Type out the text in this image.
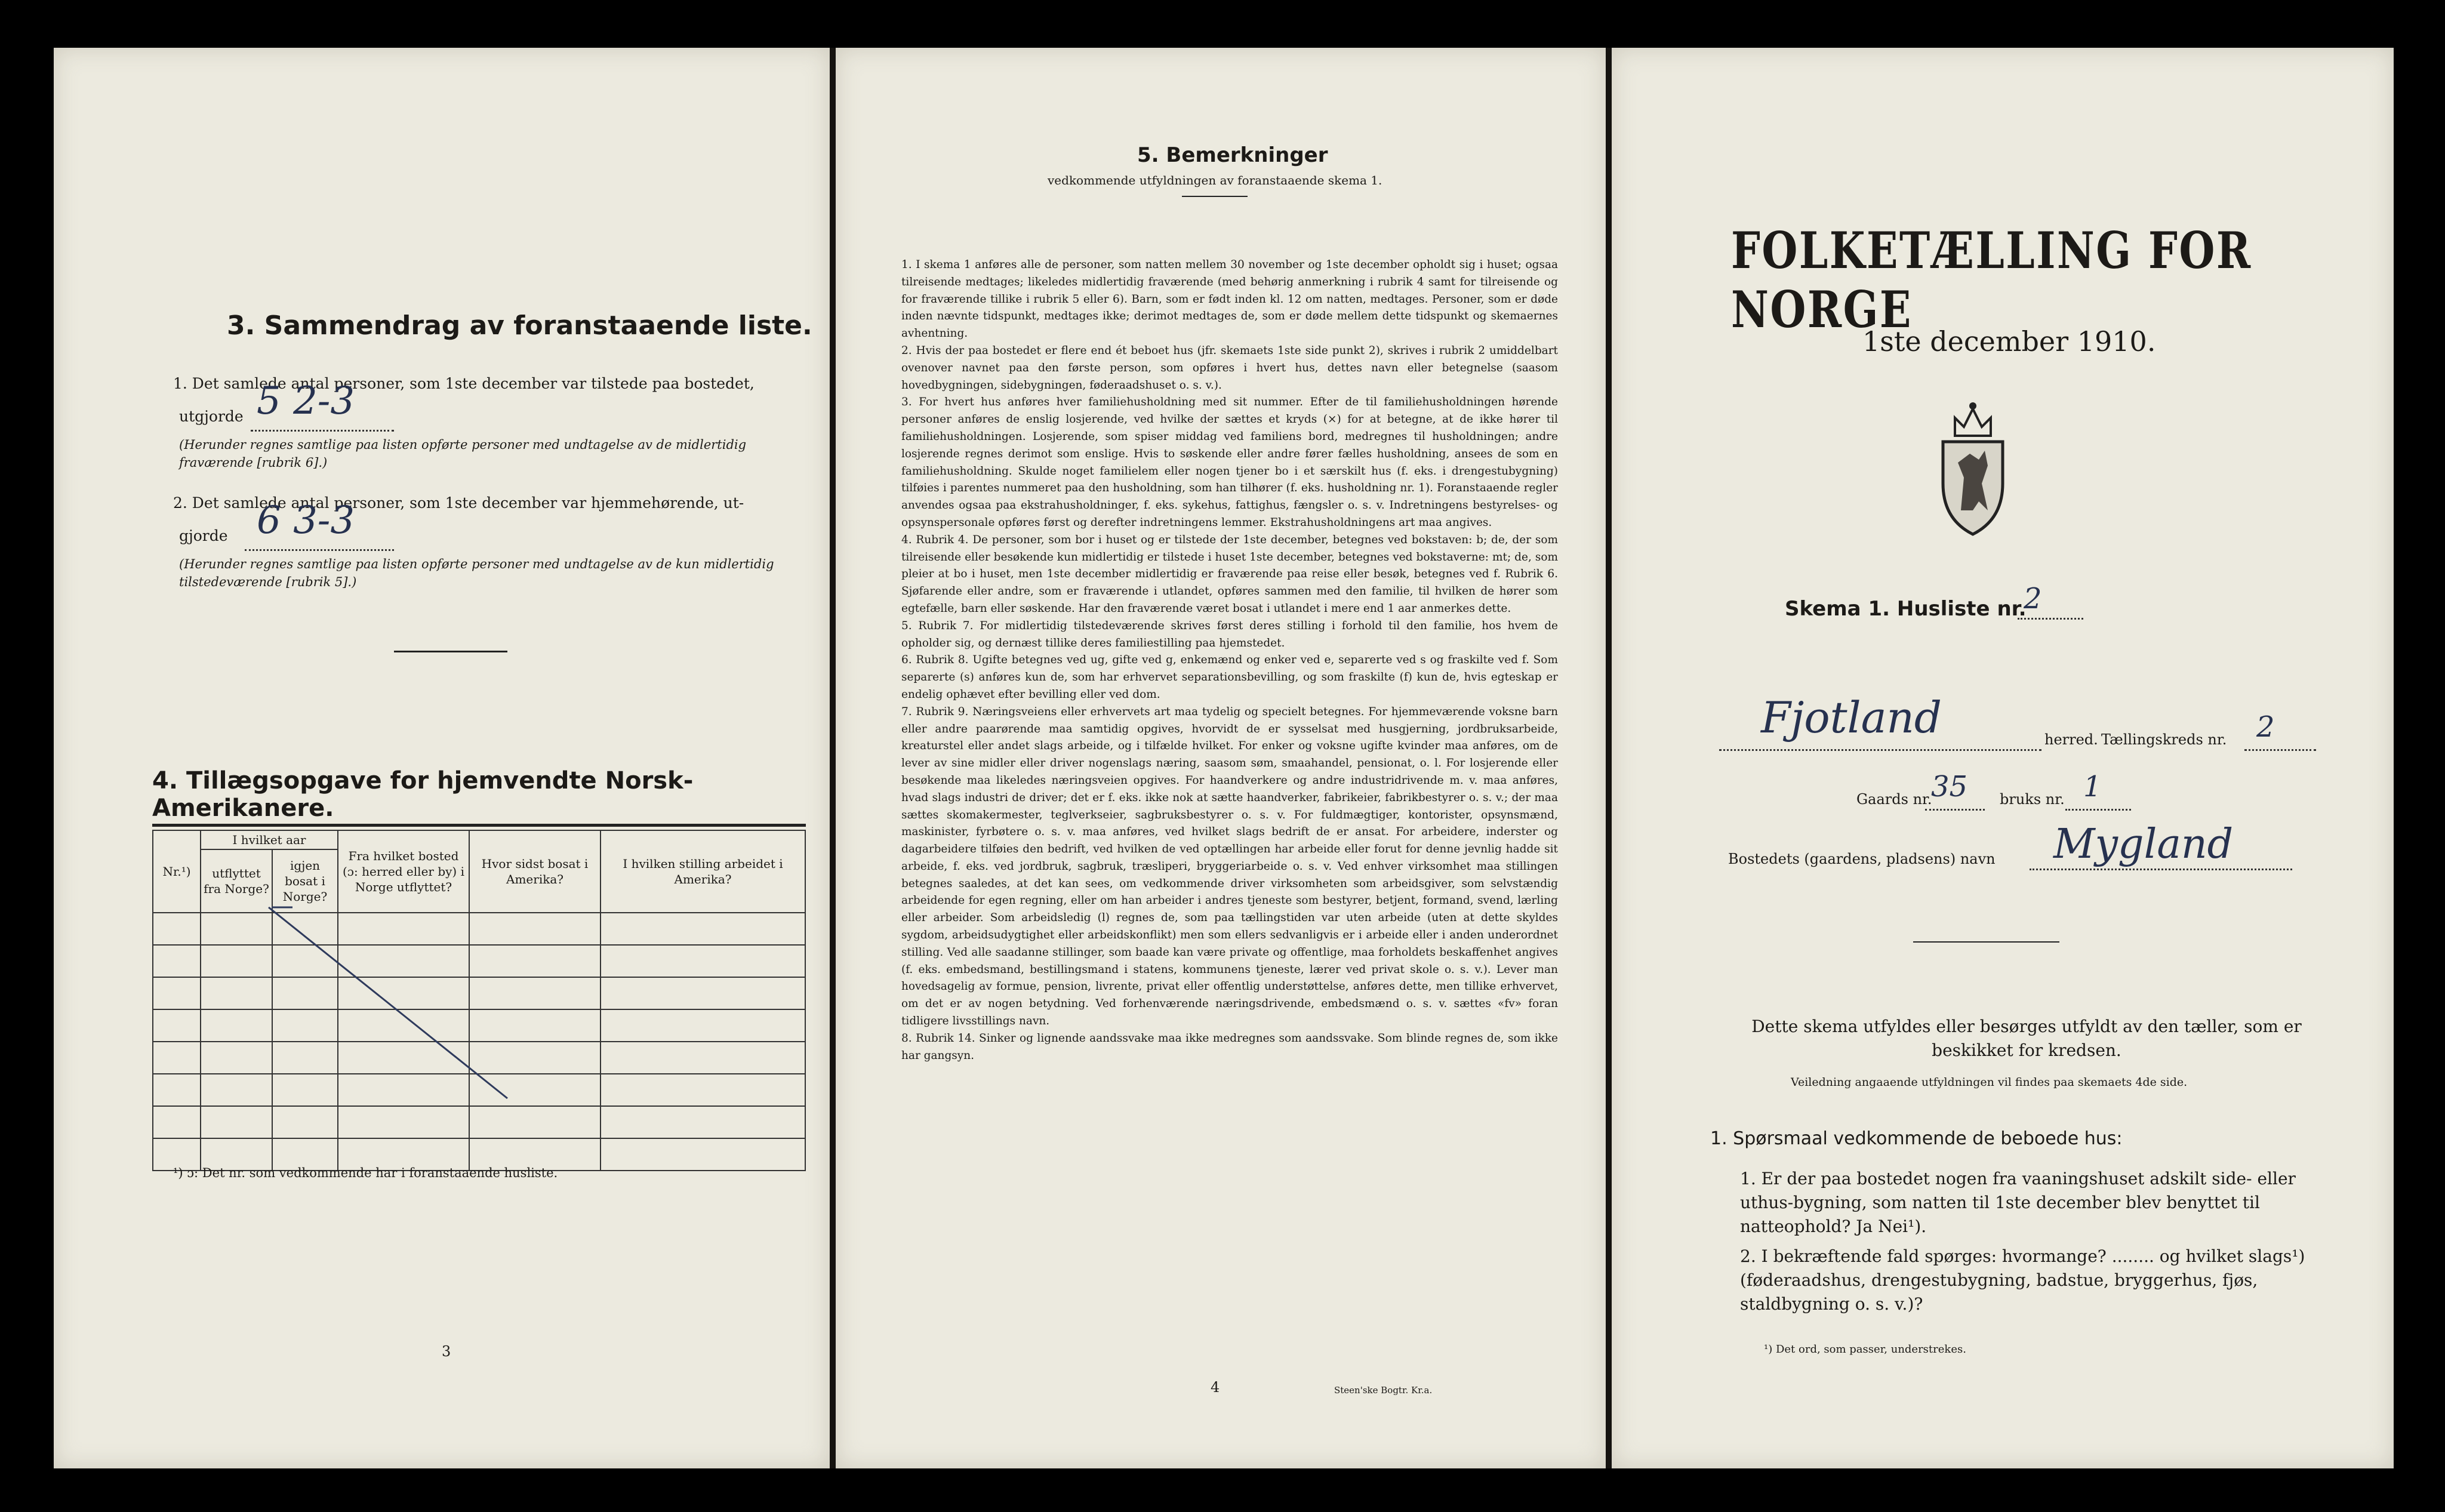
3. Sammendrag av foranstaaende liste.
1. Det samlede antal personer, som 1ste december var tilstede paa bostedet,
utgjorde 5 2-3
(Herunder regnes samtlige paa listen opførte personer med undtagelse av de midlertidig fraværende [rubrik 6].)
2. Det samlede antal personer, som 1ste december var hjemmehørende, ut-
gjorde 6 3-3
(Herunder regnes samtlige paa listen opførte personer med undtagelse av de kun midlertidig tilstedeværende [rubrik 5].)
4. Tillægsopgave for hjemvendte Norsk-Amerikanere.
Nr.¹)	I hvilket aar		Fra hvilket bosted (ɔ: herred eller by) i Norge utflyttet?	Hvor sidst bosat i Amerika?	I hvilken stilling arbeidet i Amerika?
	utflyttet fra Norge?	igjen bosat i Norge?			

¹) ɔ: Det nr. som vedkommende har i foranstaaende husliste.
3
5. Bemerkninger
vedkommende utfyldningen av foranstaaende skema 1.
1. I skema 1 anføres alle de personer, som natten mellem 30 november og 1ste december opholdt sig i huset; ogsaa tilreisende medtages; likeledes midlertidig fraværende (med behørig anmerkning i rubrik 4 samt for tilreisende og for fraværende tillike i rubrik 5 eller 6). Barn, som er født inden kl. 12 om natten, medtages. Personer, som er døde inden nævnte tidspunkt, medtages ikke; derimot medtages de, som er døde mellem dette tidspunkt og skemaernes avhentning.
2. Hvis der paa bostedet er flere end ét beboet hus (jfr. skemaets 1ste side punkt 2), skrives i rubrik 2 umiddelbart ovenover navnet paa den første person, som opføres i hvert hus, dettes navn eller betegnelse (saasom hovedbygningen, sidebygningen, føderaadshuset o. s. v.).
3. For hvert hus anføres hver familiehusholdning med sit nummer. Efter de til familiehusholdningen hørende personer anføres de enslig losjerende, ved hvilke der sættes et kryds (×) for at betegne, at de ikke hører til familiehusholdningen. Losjerende, som spiser middag ved familiens bord, medregnes til husholdningen; andre losjerende regnes derimot som enslige. Hvis to søskende eller andre fører fælles husholdning, ansees de som en familiehusholdning. Skulde noget familielem eller nogen tjener bo i et særskilt hus (f. eks. i drengestubygning) tilføies i parentes nummeret paa den husholdning, som han tilhører (f. eks. husholdning nr. 1). Foranstaaende regler anvendes ogsaa paa ekstrahusholdninger, f. eks. sykehus, fattighus, fængsler o. s. v. Indretningens bestyrelses- og opsynspersonale opføres først og derefter indretningens lemmer. Ekstrahusholdningens art maa angives.
4. Rubrik 4. De personer, som bor i huset og er tilstede der 1ste december, betegnes ved bokstaven: b; de, der som tilreisende eller besøkende kun midlertidig er tilstede i huset 1ste december, betegnes ved bokstaverne: mt; de, som pleier at bo i huset, men 1ste december midlertidig er fraværende paa reise eller besøk, betegnes ved f. Rubrik 6. Sjøfarende eller andre, som er fraværende i utlandet, opføres sammen med den familie, til hvilken de hører som egtefælle, barn eller søskende. Har den fraværende været bosat i utlandet i mere end 1 aar anmerkes dette.
5. Rubrik 7. For midlertidig tilstedeværende skrives først deres stilling i forhold til den familie, hos hvem de opholder sig, og dernæst tillike deres familiestilling paa hjemstedet.
6. Rubrik 8. Ugifte betegnes ved ug, gifte ved g, enkemænd og enker ved e, separerte ved s og fraskilte ved f. Som separerte (s) anføres kun de, som har erhvervet separationsbevilling, og som fraskilte (f) kun de, hvis egteskap er endelig ophævet efter bevilling eller ved dom.
7. Rubrik 9. Næringsveiens eller erhvervets art maa tydelig og specielt betegnes. For hjemmeværende voksne barn eller andre paarørende maa samtidig opgives, hvorvidt de er sysselsat med husgjerning, jordbruksarbeide, kreaturstel eller andet slags arbeide, og i tilfælde hvilket. For enker og voksne ugifte kvinder maa anføres, om de lever av sine midler eller driver nogenslags næring, saasom søm, smaahandel, pensionat, o. l. For losjerende eller besøkende maa likeledes næringsveien opgives. For haandverkere og andre industridrivende m. v. maa anføres, hvad slags industri de driver; det er f. eks. ikke nok at sætte haandverker, fabrikeier, fabrikbestyrer o. s. v.; der maa sættes skomakermester, teglverkseier, sagbruksbestyrer o. s. v. For fuldmægtiger, kontorister, opsynsmænd, maskinister, fyrbøtere o. s. v. maa anføres, ved hvilket slags bedrift de er ansat. For arbeidere, inderster og dagarbeidere tilføies den bedrift, ved hvilken de ved optællingen har arbeide eller forut for denne jevnlig hadde sit arbeide, f. eks. ved jordbruk, sagbruk, træsliperi, bryggeriarbeide o. s. v. Ved enhver virksomhet maa stillingen betegnes saaledes, at det kan sees, om vedkommende driver virksomheten som arbeidsgiver, som selvstændig arbeidende for egen regning, eller om han arbeider i andres tjeneste som bestyrer, betjent, formand, svend, lærling eller arbeider. Som arbeidsledig (l) regnes de, som paa tællingstiden var uten arbeide (uten at dette skyldes sygdom, arbeidsudygtighet eller arbeidskonflikt) men som ellers sedvanligvis er i arbeide eller i anden underordnet stilling. Ved alle saadanne stillinger, som baade kan være private og offentlige, maa forholdets beskaffenhet angives (f. eks. embedsmand, bestillingsmand i statens, kommunens tjeneste, lærer ved privat skole o. s. v.). Lever man hovedsagelig av formue, pension, livrente, privat eller offentlig understøttelse, anføres dette, men tillike erhvervet, om det er av nogen betydning. Ved forhenværende næringsdrivende, embedsmænd o. s. v. sættes «fv» foran tidligere livsstillings navn.
8. Rubrik 14. Sinker og lignende aandssvake maa ikke medregnes som aandssvake. Som blinde regnes de, som ikke har gangsyn.
4	Steen'ske Bogtr. Kr.a.
FOLKETÆLLING FOR NORGE
1ste december 1910.
Skema 1. Husliste nr.
2
Fjotland	herred. Tællingskreds nr. 2
Gaards nr.
35 bruks nr. 1
Bostedets (gaardens, pladsens) navn Mygland
Dette skema utfyldes eller besørges utfyldt av den tæller, som er beskikket for kredsen.
Veiledning angaaende utfyldningen vil findes paa skemaets 4de side.
1. Spørsmaal vedkommende de beboede hus:
1. Er der paa bostedet nogen fra vaaningshuset adskilt side- eller uthus-bygning, som natten til 1ste december blev benyttet til natteophold? Ja Nei¹).
2. I bekræftende fald spørges: hvormange? ........ og hvilket slags¹) (føderaadshus, drengestubygning, badstue, bryggerhus, fjøs, staldbygning o. s. v.)?
¹) Det ord, som passer, understrekes.
